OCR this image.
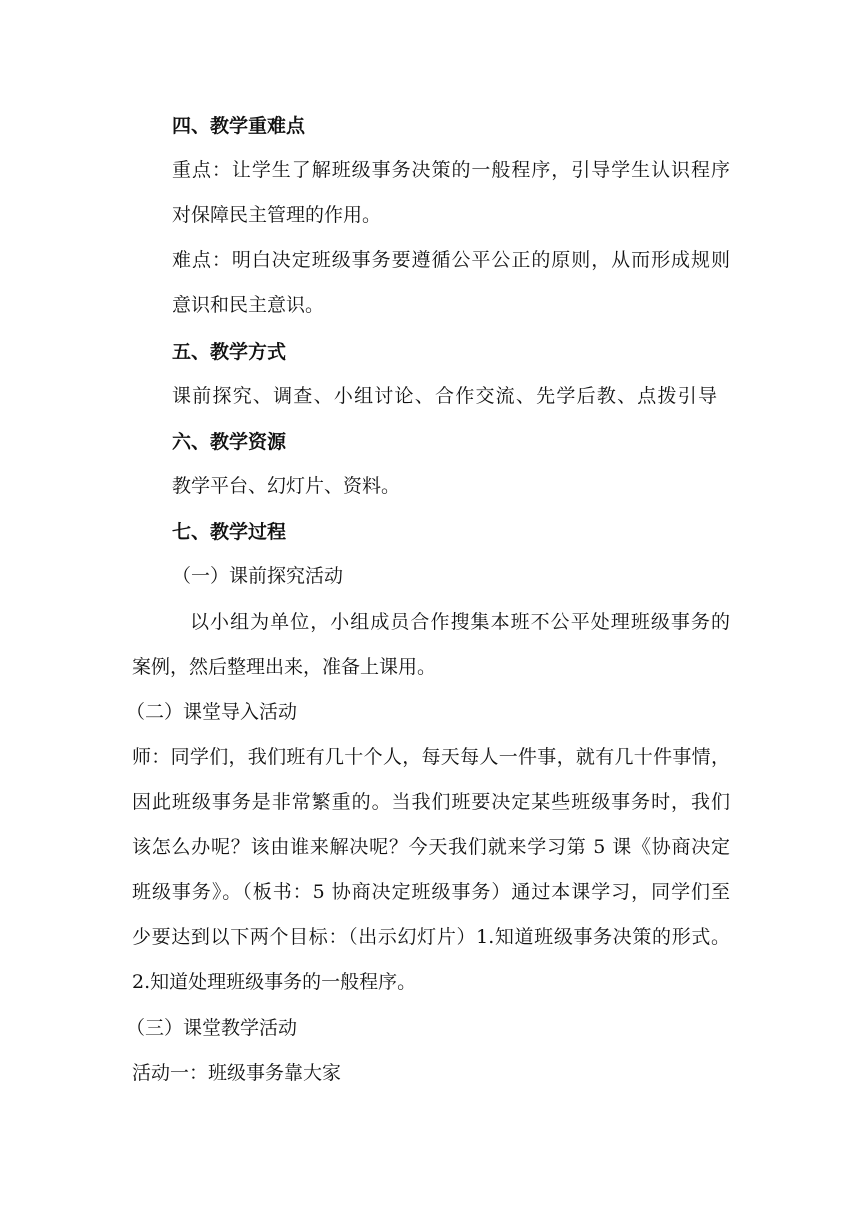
四、教学重难点
重点：让学生了解班级事务决策的一般程序，引导学生认识程序
对保障民主管理的作用。
难点：明白决定班级事务要遵循公平公正的原则，从而形成规则
意识和民主意识。
五、教学方式
课前探究、调查、小组讨论、合作交流、先学后教、点拨引导
六、教学资源
教学平台、幻灯片、资料。
七、教学过程
（一）课前探究活动
以小组为单位，小组成员合作搜集本班不公平处理班级事务的
案例，然后整理出来，准备上课用。
（二）课堂导入活动
师：同学们，我们班有几十个人，每天每人一件事，就有几十件事情，
因此班级事务是非常繁重的。当我们班要决定某些班级事务时，我们
该怎么办呢？该由谁来解决呢？今天我们就来学习第 5 课《协商决定
班级事务》。（板书：5 协商决定班级事务）通过本课学习，同学们至
少要达到以下两个目标：（出示幻灯片）1.知道班级事务决策的形式。
2.知道处理班级事务的一般程序。
（三）课堂教学活动
活动一：班级事务靠大家
